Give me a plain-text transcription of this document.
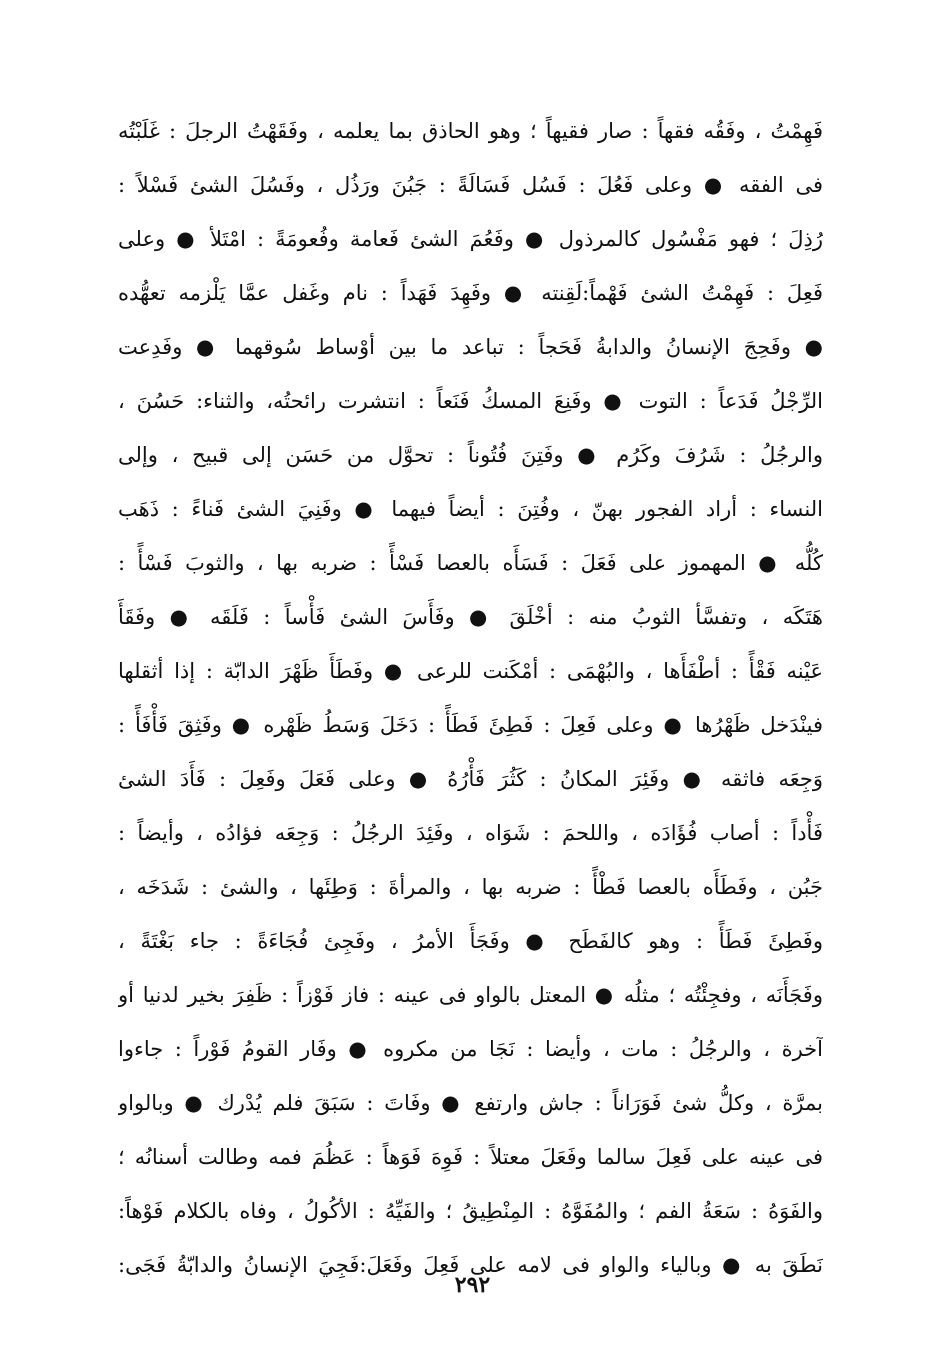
فَهِمْتُ ، وفَقُه فقهاً : صار فقيهاً ؛ وهو الحاذق بما يعلمه ، وفَقَهْتُ الرجلَ : غَلَبْتُه
فى الفقه ● وعلى فَعُلَ : فَسُل فَسَالَةً : جَبُنَ ورَذُل ، وفَسُلَ الشئ فَسْلاً :
رُذِلَ ؛ فهو مَفْسُول كالمرذول ● وفَعُمَ الشئ فَعامة وفُعومَةً : امْتَلأ ● وعلى
فَعِلَ : فَهِمْتُ الشئ فَهْماً:لَقِنته ● وفَهِدَ فَهَداً : نام وغَفل عمَّا يَلْزمه تعهُّده
● وفَحِجَ الإنسانُ والدابةُ فَحَجاً : تباعد ما بين أوْساط سُوقهما ● وفَدِعت
الرِّجْلُ فَدَعاً : التوت ● وفَنِعَ المسكُ فَنَعاً : انتشرت رائحتُه، والثناء: حَسُنَ ،
والرجُلُ : شَرُفَ وكَرُم ● وفَتِنَ فُتُوناً : تحوَّل من حَسَن إلى قبيح ، وإلى
النساء : أراد الفجور بهنّ ، وفُتِنَ : أيضاً فيهما ● وفَنِيَ الشئ فَناءً : ذَهَب
كُلُّه ● المهموز على فَعَلَ : فَسَأَه بالعصا فَسْأً : ضربه بها ، والثوبَ فَسْأً :
هَتَكَه ، وتفسَّأ الثوبُ منه : أخْلَقَ ● وفَأَسَ الشئ فَأْساً : فَلَقَه ● وفَقَأَ
عَيْنه فَقْأً : أطْفَأَها ، والبُهْمَى : أمْكَنت للرعى ● وفَطَأَ ظَهْرَ الدابّة : إذا أثقلها
فينْدَخل ظَهْرُها ● وعلى فَعِلَ : فَطِئَ فَطَأً : دَخَلَ وَسَطُ ظَهْره ● وفَثِقَ فَأْفَأً :
وَجِعَه فاثقه ● وفَئِرَ المكانُ : كَثُرَ فَأْرُهُ ● وعلى فَعَلَ وفَعِلَ : فَأَدَ الشئ
فَأْداً : أصاب فُؤَادَه ، واللحمَ : شَوَاه ، وفَئِدَ الرجُلُ : وَجِعَه فؤادُه ، وأيضاً :
جَبُن ، وفَطَأَه بالعصا فَطْأً : ضربه بها ، والمرأةَ : وَطِئَها ، والشئ : شَدَخَه ،
وفَطِئَ فَطَأً : وهو كالفَطَح ● وفَجَأَ الأمرُ ، وفَجِئ فُجَاءَةً : جاء بَغْتَةً ،
وفَجَأَنَه ، وفجِئْتُه ؛ مثلُه ● المعتل بالواو فى عينه : فاز فَوْزاً : ظَفِرَ بخير لدنيا أو
آخرة ، والرجُلُ : مات ، وأيضا : نَجَا من مكروه ● وفَار القومُ فَوْراً : جاءوا
بمرَّة ، وكلُّ شئ فَوَرَاناً : جاش وارتفع ● وفَاتَ : سَبَقَ فلم يُدْرك ● وبالواو
فى عينه على فَعِلَ سالما وفَعَلَ معتلاً : فَوِهَ فَوَهاً : عَظُمَ فمه وطالت أسنانُه ؛
والفَوَهُ : سَعَةُ الفم ؛ والمُفَوَّهُ : المِنْطِيقُ ؛ والفَيِّهُ : الأكُولُ ، وفاه بالكلام فَوْهاً:
نَطَقَ به ● وبالياء والواو فى لامه على فَعِلَ وفَعَلَ:فَجِيَ الإنسانُ والدابّةُ فَجَى:
٢٩٢
